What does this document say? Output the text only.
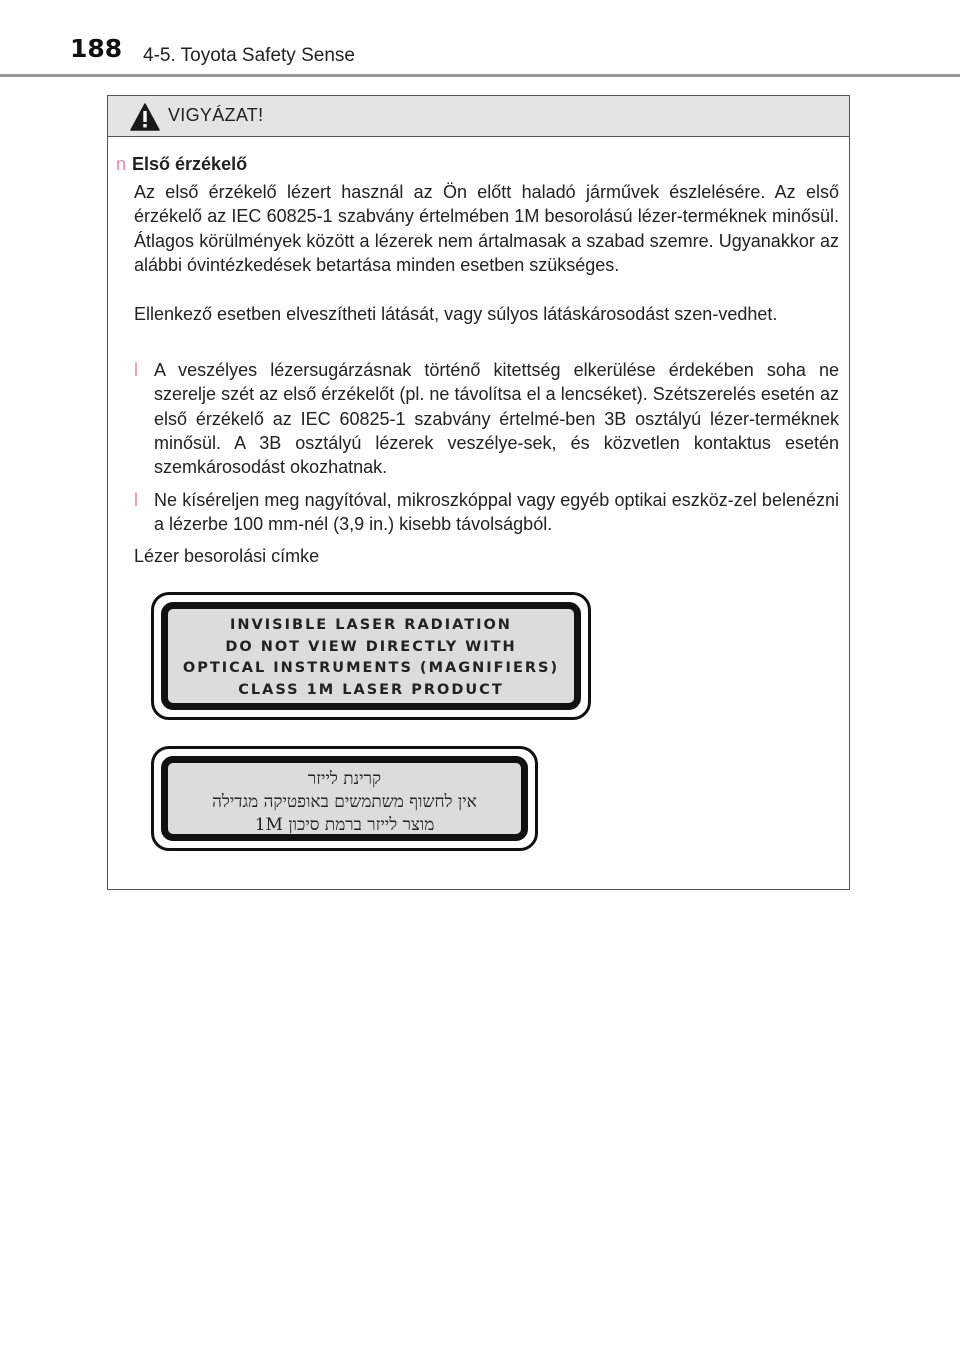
188 4-5. Toyota Safety Sense
VIGYÁZAT!
n Első érzékelő

Az első érzékelő lézert használ az Ön előtt haladó járművek észlelésére. Az első érzékelő az IEC 60825-1 szabvány értelmében 1M besorolású lézer-terméknek minősül. Átlagos körülmények között a lézerek nem ártalmasak a szabad szemre. Ugyanakkor az alábbi óvintézkedések betartása minden esetben szükséges.

Ellenkező esetben elveszítheti látását, vagy súlyos látáskárosodást szen-vedhet.

l A veszélyes lézersugárzásnak történő kitettség elkerülése érdekében soha ne szerelje szét az első érzékelőt (pl. ne távolítsa el a lencséket). Szétszerelés esetén az első érzékelő az IEC 60825-1 szabvány értelmé-ben 3B osztályú lézer-terméknek minősül. A 3B osztályú lézerek veszélye-sek, és közvetlen kontaktus esetén szemkárosodást okozhatnak.
l Ne kíséreljen meg nagyítóval, mikroszkóppal vagy egyéb optikai eszköz-zel belenézni a lézerbe 100 mm-nél (3,9 in.) kisebb távolságból.

Lézer besorolási címke

INVISIBLE LASER RADIATION
DO NOT VIEW DIRECTLY WITH
OPTICAL INSTRUMENTS (MAGNIFIERS)
CLASS 1M LASER PRODUCT
קרינת לייזר
אין לחשוף משתמשים באופטיקה מגדילה
מוצר לייזר ברמת סיכון 1M
